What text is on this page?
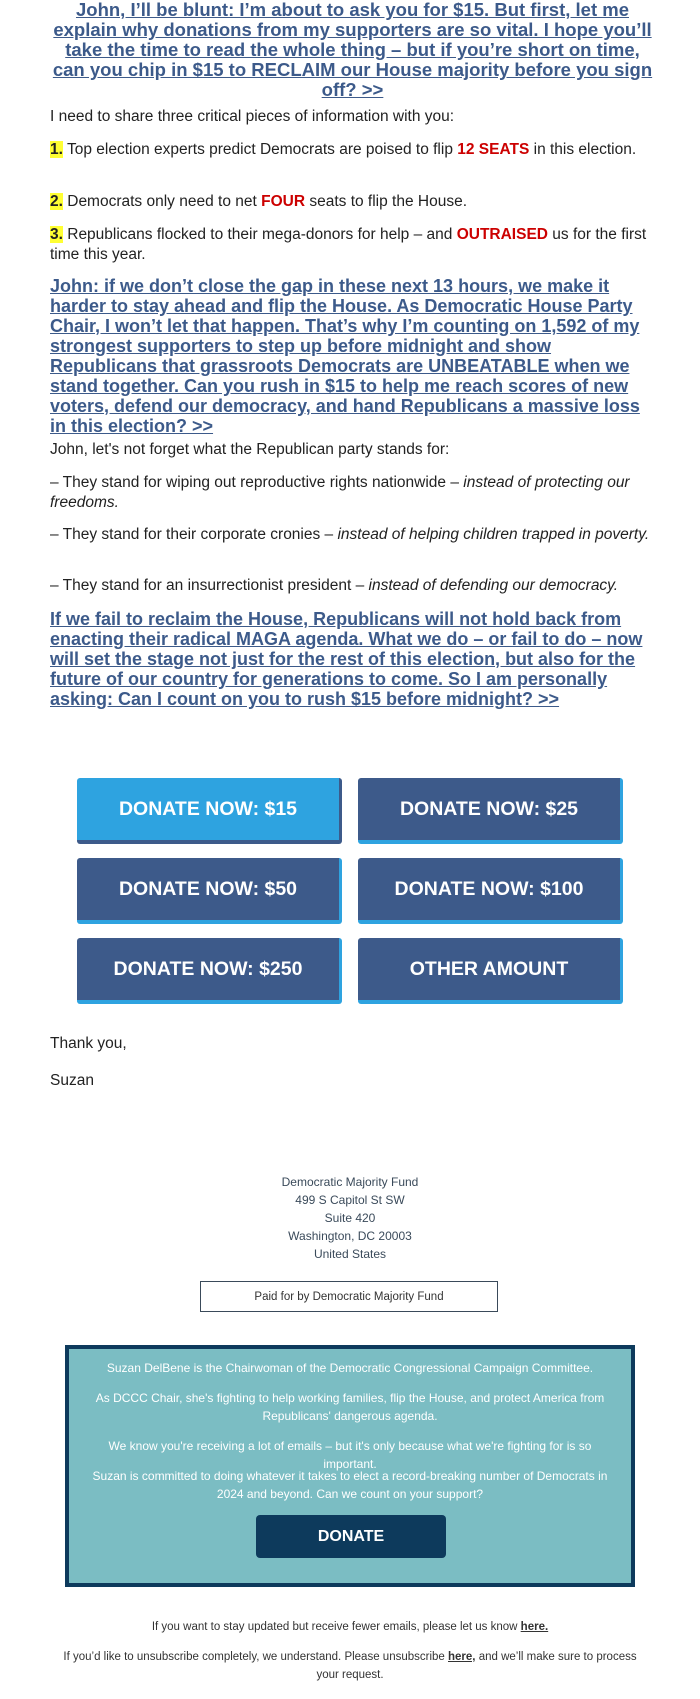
John, I’ll be blunt: I’m about to ask you for $15. But first, let me explain why donations from my supporters are so vital. I hope you’ll take the time to read the whole thing – but if you’re short on time, can you chip in $15 to RECLAIM our House majority before you sign off? >>

I need to share three critical pieces of information with you:

1. Top election experts predict Democrats are poised to flip 12 SEATS in this election.

2. Democrats only need to net FOUR seats to flip the House.

3. Republicans flocked to their mega-donors for help – and OUTRAISED us for the first time this year.

John: if we don’t close the gap in these next 13 hours, we make it harder to stay ahead and flip the House. As Democratic House Party Chair, I won’t let that happen. That’s why I’m counting on 1,592 of my strongest supporters to step up before midnight and show Republicans that grassroots Democrats are UNBEATABLE when we stand together. Can you rush in $15 to help me reach scores of new voters, defend our democracy, and hand Republicans a massive loss in this election? >>

John, let's not forget what the Republican party stands for:

– They stand for wiping out reproductive rights nationwide – instead of protecting our freedoms.

– They stand for their corporate cronies – instead of helping children trapped in poverty.

– They stand for an insurrectionist president – instead of defending our democracy.

If we fail to reclaim the House, Republicans will not hold back from enacting their radical MAGA agenda. What we do – or fail to do – now will set the stage not just for the rest of this election, but also for the future of our country for generations to come. So I am personally asking: Can I count on you to rush $15 before midnight? >>
DONATE NOW: $15	DONATE NOW: $25
DONATE NOW: $50	DONATE NOW: $100
DONATE NOW: $250	OTHER AMOUNT

Thank you,

Suzan

Democratic Majority Fund
499 S Capitol St SW
Suite 420
Washington, DC 20003
United States
Paid for by Democratic Majority Fund

Suzan DelBene is the Chairwoman of the Democratic Congressional Campaign Committee.

As DCCC Chair, she's fighting to help working families, flip the House, and protect America from Republicans' dangerous agenda.

We know you're receiving a lot of emails – but it's only because what we're fighting for is so important.

Suzan is committed to doing whatever it takes to elect a record-breaking number of Democrats in 2024 and beyond. Can we count on your support?

DONATE
If you want to stay updated but receive fewer emails, please let us know here.
If you’d like to unsubscribe completely, we understand. Please unsubscribe here, and we’ll make sure to process your request.
